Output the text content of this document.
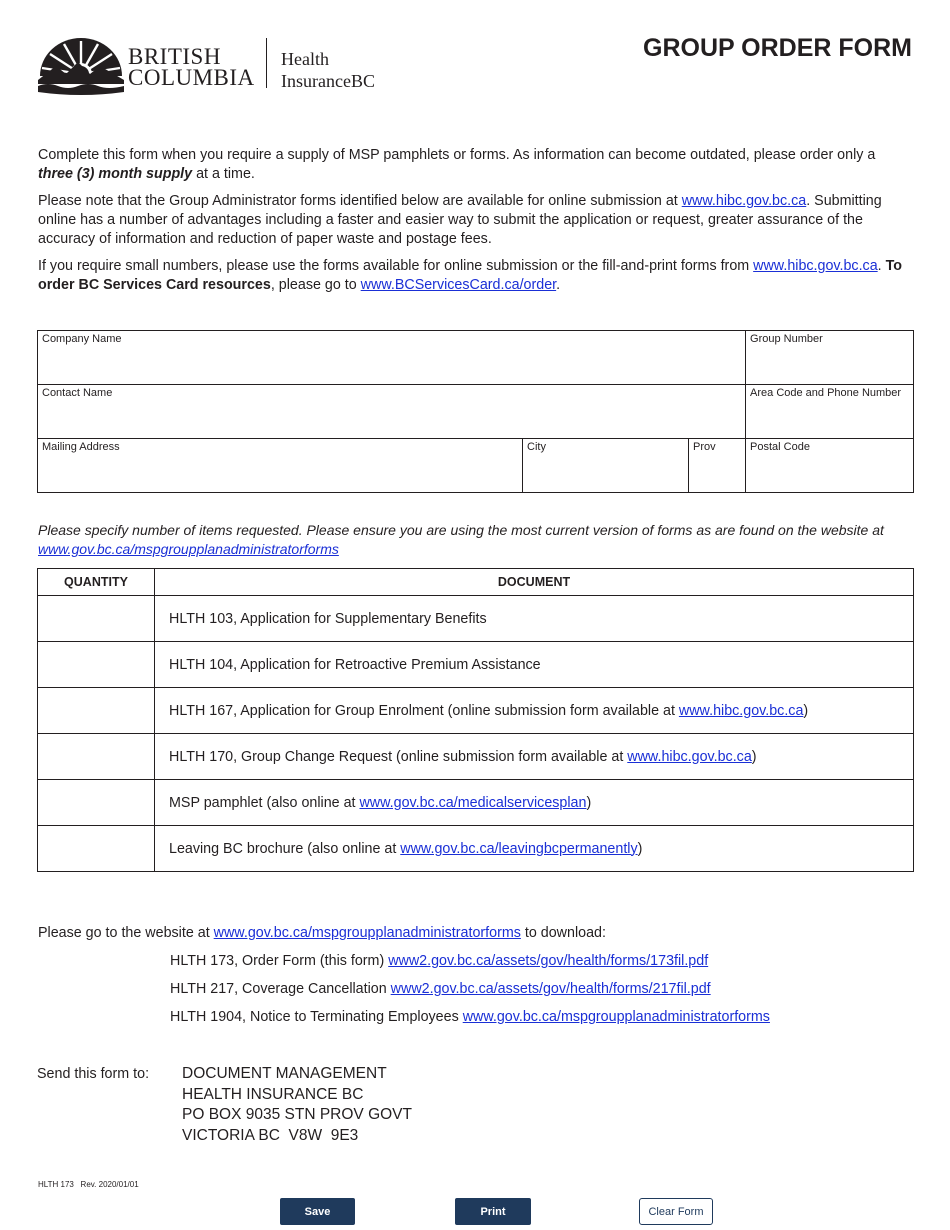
BRITISH
COLUMBIA
Health
InsuranceBC
GROUP ORDER FORM

Complete this form when you require a supply of MSP pamphlets or forms. As information can become outdated, please order only a three (3) month supply at a time.

Please note that the Group Administrator forms identified below are available for online submission at www.hibc.gov.bc.ca. Submitting online has a number of advantages including a faster and easier way to submit the application or request, greater assurance of the accuracy of information and reduction of paper waste and postage fees.

If you require small numbers, please use the forms available for online submission or the fill-and-print forms from www.hibc.gov.bc.ca. To order BC Services Card resources, please go to www.BCServicesCard.ca/order.

Company Name			Group Number

Contact Name			Area Code and Phone Number

Mailing Address	City	Prov	Postal Code
Please specify number of items requested. Please ensure you are using the most current version of forms as are found on the website at www.gov.bc.ca/mspgroupplanadministratorforms
QUANTITY	DOCUMENT
	HLTH 103, Application for Supplementary Benefits
	HLTH 104, Application for Retroactive Premium Assistance
	HLTH 167, Application for Group Enrolment (online submission form available at www.hibc.gov.bc.ca)
	HLTH 170, Group Change Request (online submission form available at www.hibc.gov.bc.ca)
	MSP pamphlet (also online at www.gov.bc.ca/medicalservicesplan)
	Leaving BC brochure (also online at www.gov.bc.ca/leavingbcpermanently)
Please go to the website at www.gov.bc.ca/mspgroupplanadministratorforms to download:
HLTH 173, Order Form (this form) www2.gov.bc.ca/assets/gov/health/forms/173fil.pdf
HLTH 217, Coverage Cancellation www2.gov.bc.ca/assets/gov/health/forms/217fil.pdf
HLTH 1904, Notice to Terminating Employees www.gov.bc.ca/mspgroupplanadministratorforms
Send this form to: DOCUMENT MANAGEMENT
HEALTH INSURANCE BC
PO BOX 9035 STN PROV GOVT
VICTORIA BC  V8W  9E3
HLTH 173   Rev. 2020/01/01
Save	Print	Clear Form
